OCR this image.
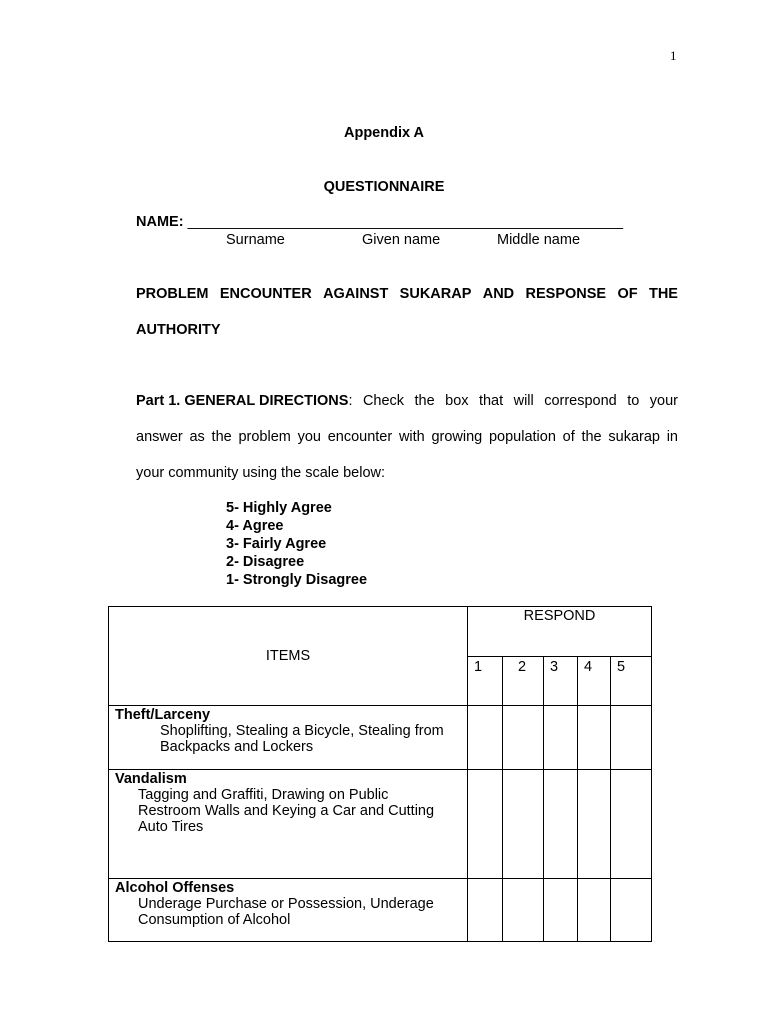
1
Appendix A
QUESTIONNAIRE
NAME: ______________________________________________________
Surname	Given name	Middle name
PROBLEM ENCOUNTER AGAINST SUKARAP AND RESPONSE OF THE
AUTHORITY
Part 1. GENERAL DIRECTIONS: Check the box that will correspond to your
answer as the problem you encounter with growing population of the sukarap in
your community using the scale below:
5- Highly Agree
4- Agree
3- Fairly Agree
2- Disagree
1- Strongly Disagree
ITEMS	RESPOND				
	1	2	3	4	5

Theft/Larceny
Shoplifting, Stealing a Bicycle, Stealing from
Backpacks and Lockers					

Vandalism
Tagging and Graffiti, Drawing on Public
Restroom Walls and Keying a Car and Cutting
Auto Tires					

Alcohol Offenses
Underage Purchase or Possession, Underage
Consumption of Alcohol					
